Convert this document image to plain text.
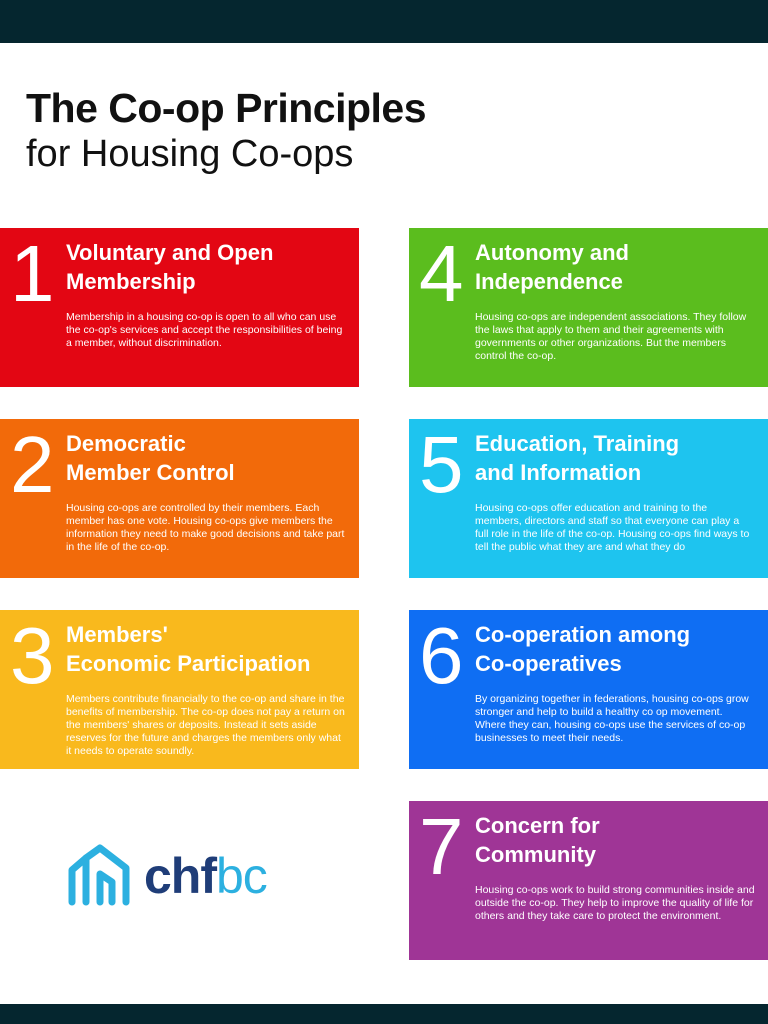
The Co-op Principles
for Housing Co-ops
1 Voluntary and Open
Membership

Membership in a housing co-op is open to all who can use the co-op's services and accept the responsibilities of being a member, without discrimination.

2 Democratic
Member Control

Housing co-ops are controlled by their members. Each member has one vote. Housing co-ops give members the information they need to make good decisions and take part in the life of the co-op.

3 Members'
Economic Participation

Members contribute financially to the co-op and share in the benefits of membership. The co-op does not pay a return on the members' shares or deposits. Instead it sets aside reserves for the future and charges the members only what it needs to operate soundly.

4 Autonomy and
Independence

Housing co-ops are independent associations. They follow the laws that apply to them and their agreements with governments or other organizations. But the members control the co-op.

5 Education, Training
and Information

Housing co-ops offer education and training to the members, directors and staff so that everyone can play a full role in the life of the co-op. Housing co-ops find ways to tell the public what they are and what they do

6 Co-operation among
Co-operatives

By organizing together in federations, housing co-ops grow stronger and help to build a healthy co op movement. Where they can, housing co-ops use the services of co-op businesses to meet their needs.

7 Concern for
Community

Housing co-ops work to build strong communities inside and outside the co-op. They help to improve the quality of life for others and they take care to protect the environment.

chfbc
